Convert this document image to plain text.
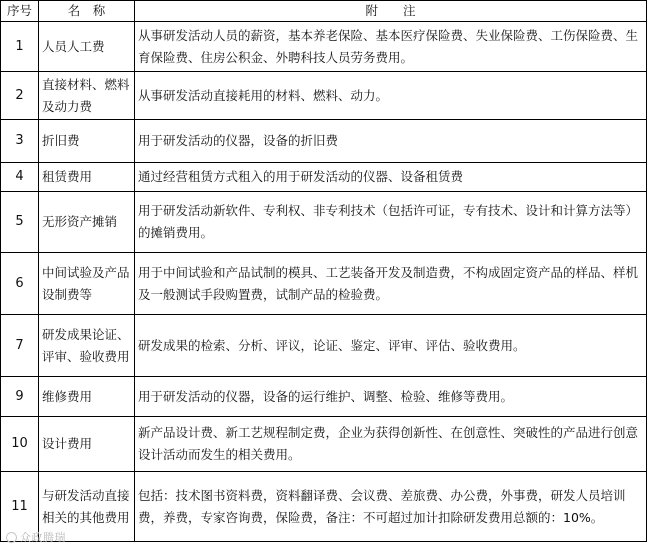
序号	名　称	附　　注
1	人员人工费	从事研发活动人员的薪资，基本养老保险、基本医疗保险费、失业保险费、工伤保险费、生育保险费、住房公积金、外聘科技人员劳务费用。
2	直接材料、燃料及动力费	从事研发活动直接耗用的材料、燃料、动力。
3	折旧费	用于研发活动的仪器，设备的折旧费
4	租赁费用	通过经营租赁方式租入的用于研发活动的仪器、设备租赁费
5	无形资产摊销	用于研发活动新软件、专利权、非专利技术（包括许可证，专有技术、设计和计算方法等）的摊销费用。
6	中间试验及产品设制费等	用于中间试验和产品试制的模具、工艺装备开发及制造费，不构成固定资产品的样品、样机及一般测试手段购置费，试制产品的检验费。
7	研发成果论证、评审、验收费用	研发成果的检索、分析、评议，论证、鉴定、评审、评估、验收费用。
9	维修费用	用于研发活动的仪器，设备的运行维护、调整、检验、维修等费用。
10	设计费用	新产品设计费、新工艺规程制定费，企业为获得创新性、在创意性、突破性的产品进行创意设计活动而发生的相关费用。
11	与研发活动直接相关的其他费用	包括：技术图书资料费，资料翻译费、会议费、差旅费、办公费，外事费，研发人员培训费，养费，专家咨询费，保险费，备注：不可超过加计扣除研发费用总额的：10%。
众政腾瑞
